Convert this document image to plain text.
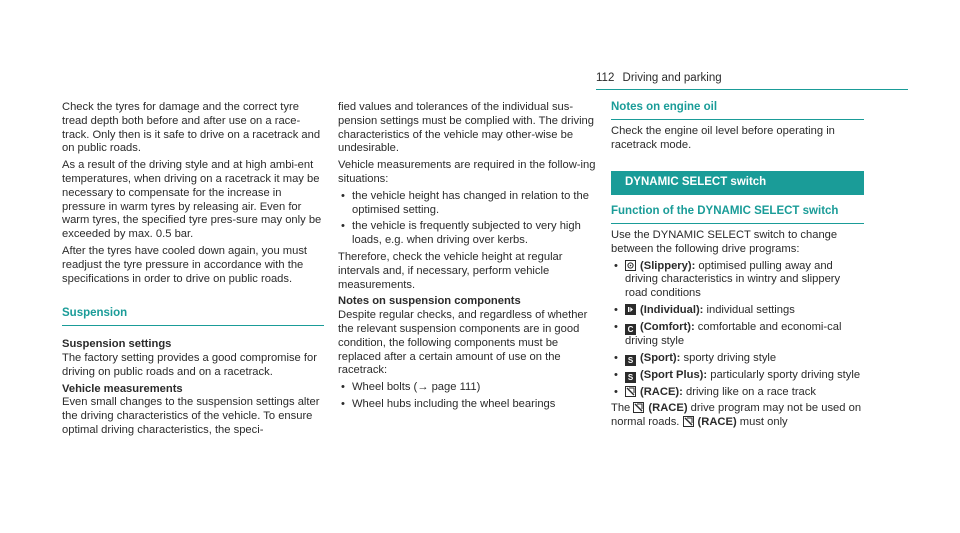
112 Driving and parking

Check the tyres for damage and the correct tyre tread depth both before and after use on a race-track. Only then is it safe to drive on a racetrack and on public roads.

As a result of the driving style and at high ambi-ent temperatures, when driving on a racetrack it may be necessary to compensate for the increase in pressure in warm tyres by releasing air. Even for warm tyres, the specified tyre pres-sure may only be exceeded by max. 0.5 bar.

After the tyres have cooled down again, you must readjust the tyre pressure in accordance with the specifications in order to drive on public roads.

Suspension
Suspension settings

The factory setting provides a good compromise for driving on public roads and on a racetrack.

Vehicle measurements

Even small changes to the suspension settings alter the driving characteristics of the vehicle. To ensure optimal driving characteristics, the speci-

fied values and tolerances of the individual sus-pension settings must be complied with. The driving characteristics of the vehicle may other-wise be undesirable.

Vehicle measurements are required in the follow-ing situations:

• the vehicle height has changed in relation to the optimised setting.
• the vehicle is frequently subjected to very high loads, e.g. when driving over kerbs.

Therefore, check the vehicle height at regular intervals and, if necessary, perform vehicle measurements.

Notes on suspension components

Despite regular checks, and regardless of whether the relevant suspension components are in good condition, the following components must be replaced after a certain amount of use on the racetrack:

• Wheel bolts (→ page 111)
• Wheel hubs including the wheel bearings
Notes on engine oil

Check the engine oil level before operating in racetrack mode.

DYNAMIC SELECT switch
Function of the DYNAMIC SELECT switch

Use the DYNAMIC SELECT switch to change between the following drive programs:

• (Slippery): optimised pulling away and driving characteristics in wintry and slippery road conditions
• (Individual): individual settings
• C (Comfort): comfortable and economi-cal driving style
• S (Sport): sporty driving style
• S (Sport Plus): particularly sporty driving style
• (RACE): driving like on a race track

The (RACE) drive program may not be used on normal roads. (RACE) must only
